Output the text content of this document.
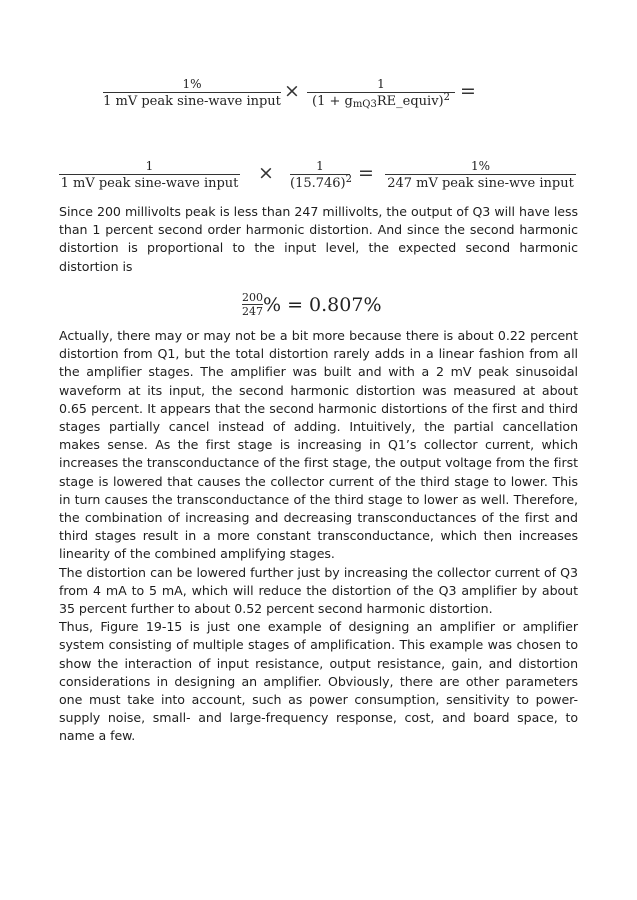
1%
1 mV peak sine-wave input ×	1
$(1 + g_{mQ3}RE\_equiv)^2$ =
1
1 mV peak sine-wave input ×	1
$(15.746)^2$ =	1%
247 mV peak sine-wve input

Since 200 millivolts peak is less than 247 millivolts, the output of Q3 will have less than 1 percent second order harmonic distortion. And since the second harmonic distortion is proportional to the input level, the expected second harmonic distortion is

$\frac{200}{247}$ % = 0.807%

Actually, there may or may not be a bit more because there is about 0.22 percent distortion from Q1, but the total distortion rarely adds in a linear fashion from all the amplifier stages. The amplifier was built and with a 2 mV peak sinusoidal waveform at its input, the second harmonic distortion was measured at about 0.65 percent. It appears that the second harmonic distortions of the first and third stages partially cancel instead of adding. Intuitively, the partial cancellation makes sense. As the first stage is increasing in Q1’s collector current, which increases the transconductance of the first stage, the output voltage from the first stage is lowered that causes the collector current of the third stage to lower. This in turn causes the transconductance of the third stage to lower as well. Therefore, the combination of increasing and decreasing transconductances of the first and third stages result in a more constant transconductance, which then increases linearity of the combined amplifying stages.

The distortion can be lowered further just by increasing the collector current of Q3 from 4 mA to 5 mA, which will reduce the distortion of the Q3 amplifier by about 35 percent further to about 0.52 percent second harmonic distortion.

Thus, Figure 19-15 is just one example of designing an amplifier or amplifier system consisting of multiple stages of amplification. This example was chosen to show the interaction of input resistance, output resistance, gain, and distortion considerations in designing an amplifier. Obviously, there are other parameters one must take into account, such as power consumption, sensitivity to power-supply noise, small- and large-frequency response, cost, and board space, to name a few.
